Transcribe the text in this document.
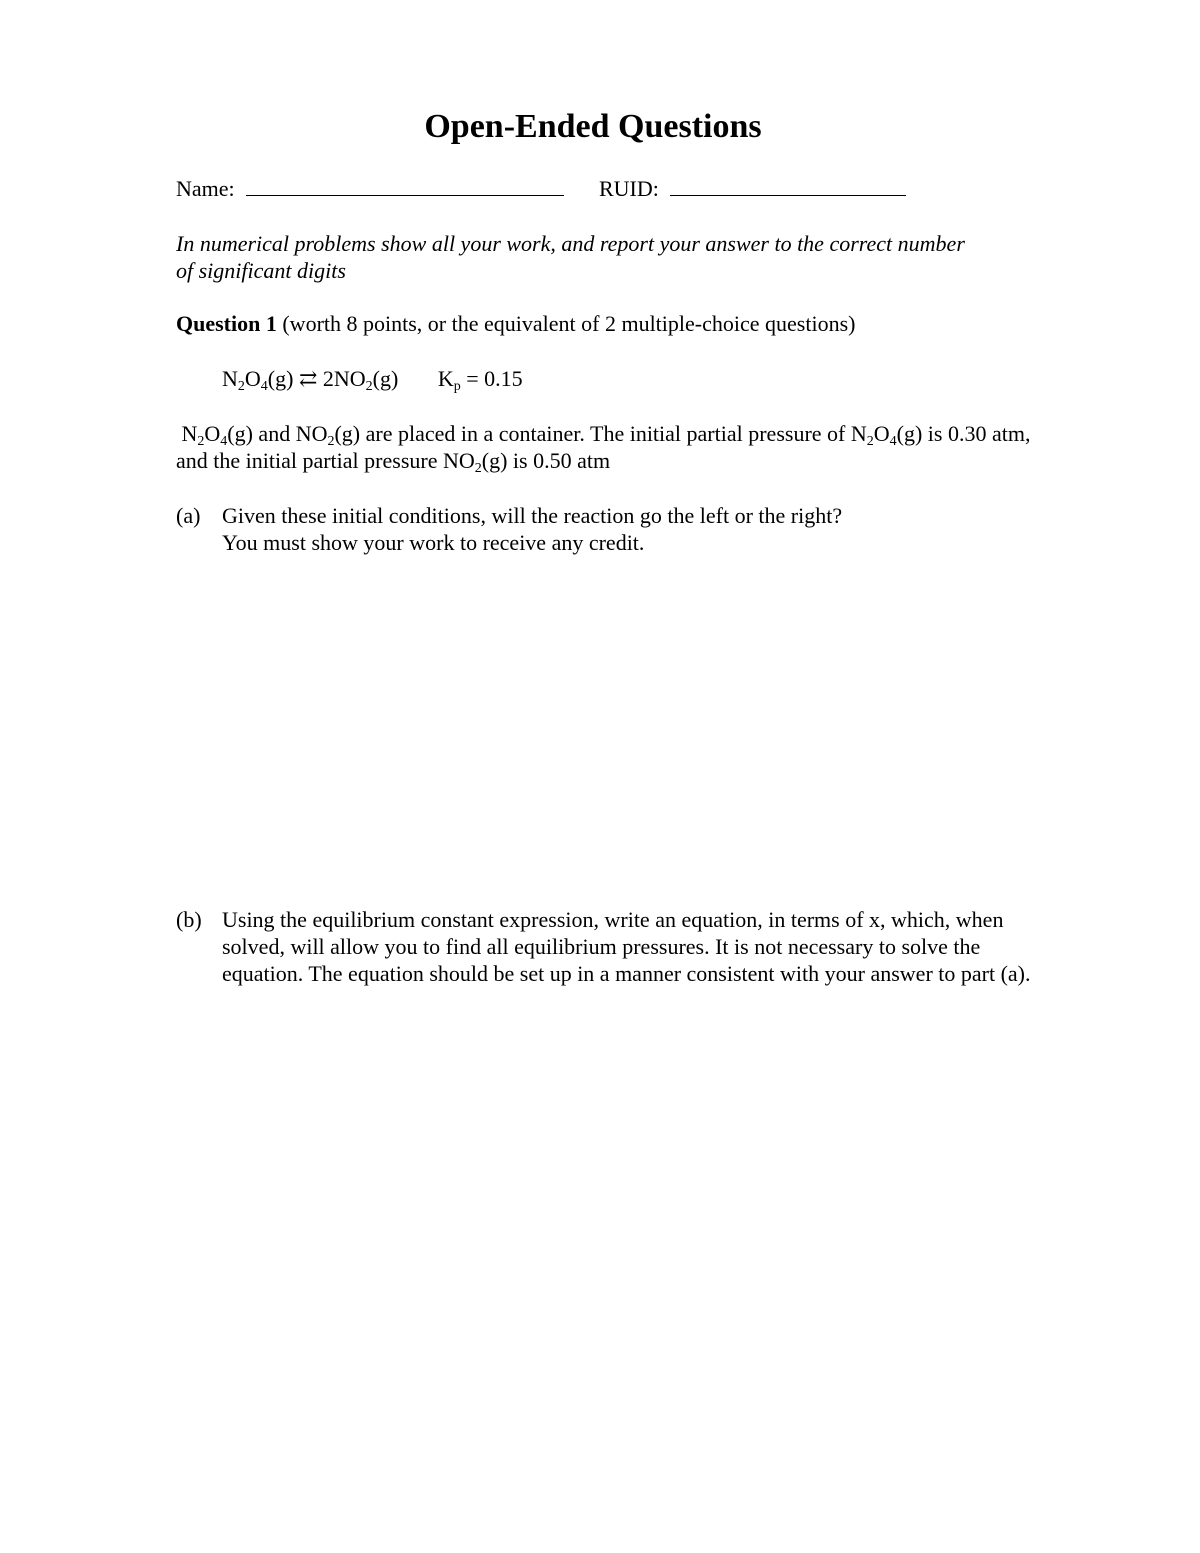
Open-Ended Questions
Name:	RUID:
In numerical problems show all your work, and report your answer to the correct number
of significant digits
Question 1 (worth 8 points, or the equivalent of 2 multiple-choice questions)
$N_2O_4(g)$ ⇄ $2NO_2(g) K_p = 0.15$
$N_2O_4(g)$ and $NO_2(g)$ are placed in a container. The initial partial pressure of $N_2O_4(g)$ is 0.30 atm,
and the initial partial pressure $NO_2(g)$ is 0.50 atm
(a) Given these initial conditions, will the reaction go the left or the right?
You must show your work to receive any credit.
(b) Using the equilibrium constant expression, write an equation, in terms of x, which, when
solved, will allow you to find all equilibrium pressures. It is not necessary to solve the
equation. The equation should be set up in a manner consistent with your answer to part (a).
